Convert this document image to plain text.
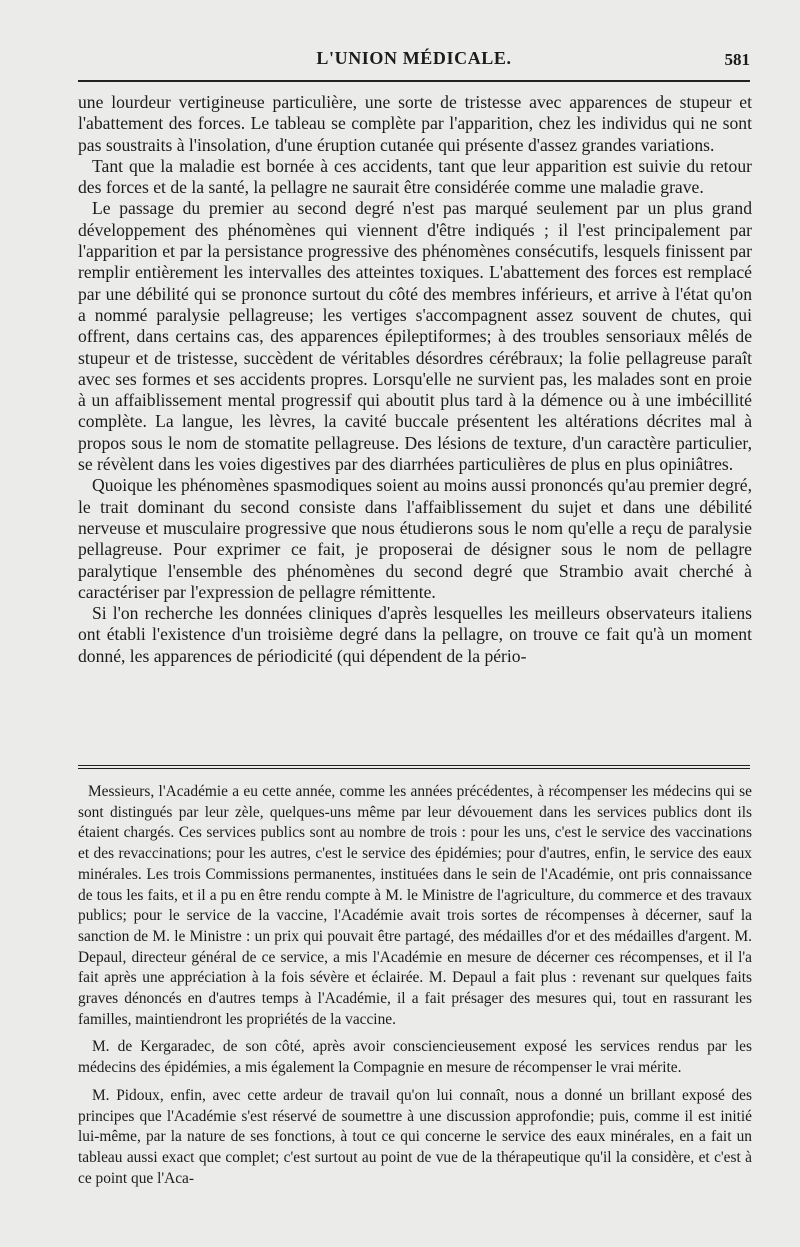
L'UNION MÉDICALE.	581

une lourdeur vertigineuse particulière, une sorte de tristesse avec apparences de stupeur et l'abattement des forces. Le tableau se complète par l'apparition, chez les individus qui ne sont pas soustraits à l'insolation, d'une éruption cutanée qui présente d'assez grandes variations.

Tant que la maladie est bornée à ces accidents, tant que leur apparition est suivie du retour des forces et de la santé, la pellagre ne saurait être considérée comme une maladie grave.

Le passage du premier au second degré n'est pas marqué seulement par un plus grand développement des phénomènes qui viennent d'être indiqués ; il l'est principalement par l'apparition et par la persistance progressive des phénomènes consécutifs, lesquels finissent par remplir entièrement les intervalles des atteintes toxiques. L'abattement des forces est remplacé par une débilité qui se prononce surtout du côté des membres inférieurs, et arrive à l'état qu'on a nommé paralysie pellagreuse; les vertiges s'accompagnent assez souvent de chutes, qui offrent, dans certains cas, des apparences épileptiformes; à des troubles sensoriaux mêlés de stupeur et de tristesse, succèdent de véritables désordres cérébraux; la folie pellagreuse paraît avec ses formes et ses accidents propres. Lorsqu'elle ne survient pas, les malades sont en proie à un affaiblissement mental progressif qui aboutit plus tard à la démence ou à une imbécillité complète. La langue, les lèvres, la cavité buccale présentent les altérations décrites mal à propos sous le nom de stomatite pellagreuse. Des lésions de texture, d'un caractère particulier, se révèlent dans les voies digestives par des diarrhées particulières de plus en plus opiniâtres.

Quoique les phénomènes spasmodiques soient au moins aussi prononcés qu'au premier degré, le trait dominant du second consiste dans l'affaiblissement du sujet et dans une débilité nerveuse et musculaire progressive que nous étudierons sous le nom qu'elle a reçu de paralysie pellagreuse. Pour exprimer ce fait, je proposerai de désigner sous le nom de pellagre paralytique l'ensemble des phénomènes du second degré que Strambio avait cherché à caractériser par l'expression de pellagre rémittente.

Si l'on recherche les données cliniques d'après lesquelles les meilleurs observateurs italiens ont établi l'existence d'un troisième degré dans la pellagre, on trouve ce fait qu'à un moment donné, les apparences de périodicité (qui dépendent de la pério-

Messieurs, l'Académie a eu cette année, comme les années précédentes, à récompenser les médecins qui se sont distingués par leur zèle, quelques-uns même par leur dévouement dans les services publics dont ils étaient chargés. Ces services publics sont au nombre de trois : pour les uns, c'est le service des vaccinations et des revaccinations; pour les autres, c'est le service des épidémies; pour d'autres, enfin, le service des eaux minérales. Les trois Commissions permanentes, instituées dans le sein de l'Académie, ont pris connaissance de tous les faits, et il a pu en être rendu compte à M. le Ministre de l'agriculture, du commerce et des travaux publics; pour le service de la vaccine, l'Académie avait trois sortes de récompenses à décerner, sauf la sanction de M. le Ministre : un prix qui pouvait être partagé, des médailles d'or et des médailles d'argent. M. Depaul, directeur général de ce service, a mis l'Académie en mesure de décerner ces récompenses, et il l'a fait après une appréciation à la fois sévère et éclairée. M. Depaul a fait plus : revenant sur quelques faits graves dénoncés en d'autres temps à l'Académie, il a fait présager des mesures qui, tout en rassurant les familles, maintiendront les propriétés de la vaccine.

M. de Kergaradec, de son côté, après avoir consciencieusement exposé les services rendus par les médecins des épidémies, a mis également la Compagnie en mesure de récompenser le vrai mérite.

M. Pidoux, enfin, avec cette ardeur de travail qu'on lui connaît, nous a donné un brillant exposé des principes que l'Académie s'est réservé de soumettre à une discussion approfondie; puis, comme il est initié lui-même, par la nature de ses fonctions, à tout ce qui concerne le service des eaux minérales, en a fait un tableau aussi exact que complet; c'est surtout au point de vue de la thérapeutique qu'il la considère, et c'est à ce point que l'Aca-
